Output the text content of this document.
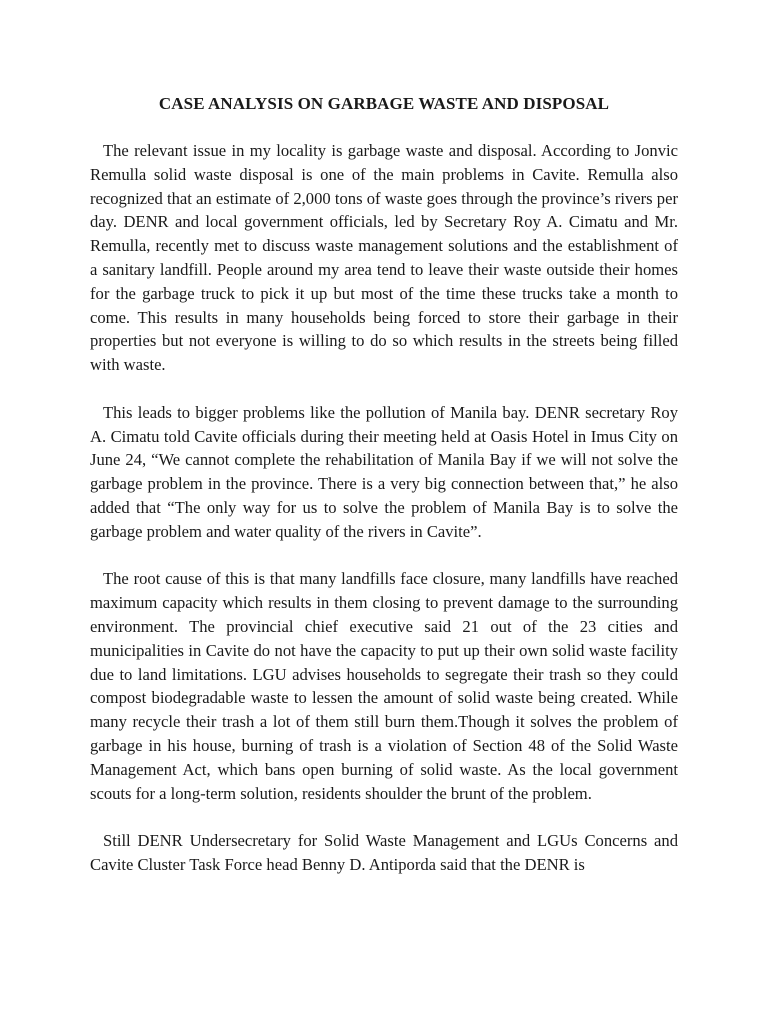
CASE ANALYSIS ON GARBAGE WASTE AND DISPOSAL

The relevant issue in my locality is garbage waste and disposal. According to Jonvic Remulla solid waste disposal is one of the main problems in Cavite. Remulla also recognized that an estimate of 2,000 tons of waste goes through the province’s rivers per day. DENR and local government officials, led by Secretary Roy A. Cimatu and Mr. Remulla, recently met to discuss waste management solutions and the establishment of a sanitary landfill. People around my area tend to leave their waste outside their homes for the garbage truck to pick it up but most of the time these trucks take a month to come. This results in many households being forced to store their garbage in their properties but not everyone is willing to do so which results in the streets being filled with waste.

This leads to bigger problems like the pollution of Manila bay. DENR secretary Roy A. Cimatu told Cavite officials during their meeting held at Oasis Hotel in Imus City on June 24, “We cannot complete the rehabilitation of Manila Bay if we will not solve the garbage problem in the province. There is a very big connection between that,” he also added that “The only way for us to solve the problem of Manila Bay is to solve the garbage problem and water quality of the rivers in Cavite”.

The root cause of this is that many landfills face closure, many landfills have reached maximum capacity which results in them closing to prevent damage to the surrounding environment. The provincial chief executive said 21 out of the 23 cities and municipalities in Cavite do not have the capacity to put up their own solid waste facility due to land limitations. LGU advises households to segregate their trash so they could compost biodegradable waste to lessen the amount of solid waste being created. While many recycle their trash a lot of them still burn them.Though it solves the problem of garbage in his house, burning of trash is a violation of Section 48 of the Solid Waste Management Act, which bans open burning of solid waste. As the local government scouts for a long-term solution, residents shoulder the brunt of the problem.

Still DENR Undersecretary for Solid Waste Management and LGUs Concerns and Cavite Cluster Task Force head Benny D. Antiporda said that the DENR is
